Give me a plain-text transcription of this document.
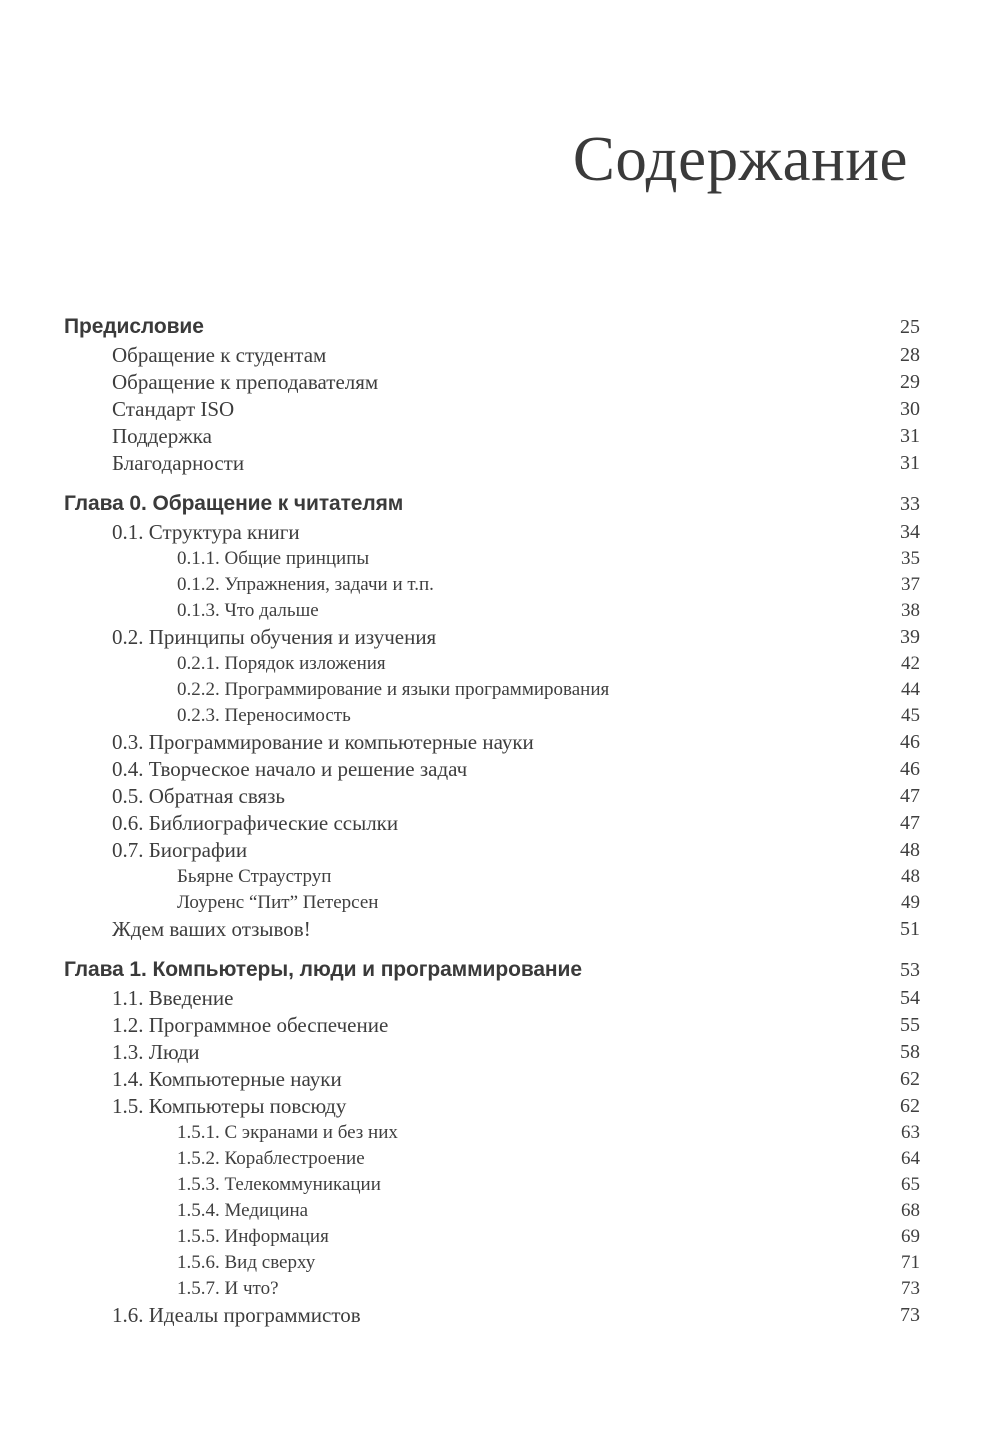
Содержание
Предисловие	25
Обращение к студентам	28
Обращение к преподавателям	29
Стандарт ISO	30
Поддержка	31
Благодарности	31
Глава 0. Обращение к читателям	33
0.1. Структура книги	34
0.1.1. Общие принципы	35
0.1.2. Упражнения, задачи и т.п.	37
0.1.3. Что дальше	38
0.2. Принципы обучения и изучения	39
0.2.1. Порядок изложения	42
0.2.2. Программирование и языки программирования	44
0.2.3. Переносимость	45
0.3. Программирование и компьютерные науки	46
0.4. Творческое начало и решение задач	46
0.5. Обратная связь	47
0.6. Библиографические ссылки	47
0.7. Биографии	48
Бьярне Страуструп	48
Лоуренс “Пит” Петерсен	49
Ждем ваших отзывов!	51
Глава 1. Компьютеры, люди и программирование	53
1.1. Введение	54
1.2. Программное обеспечение	55
1.3. Люди	58
1.4. Компьютерные науки	62
1.5. Компьютеры повсюду	62
1.5.1. С экранами и без них	63
1.5.2. Кораблестроение	64
1.5.3. Телекоммуникации	65
1.5.4. Медицина	68
1.5.5. Информация	69
1.5.6. Вид сверху	71
1.5.7. И что?	73
1.6. Идеалы программистов	73
